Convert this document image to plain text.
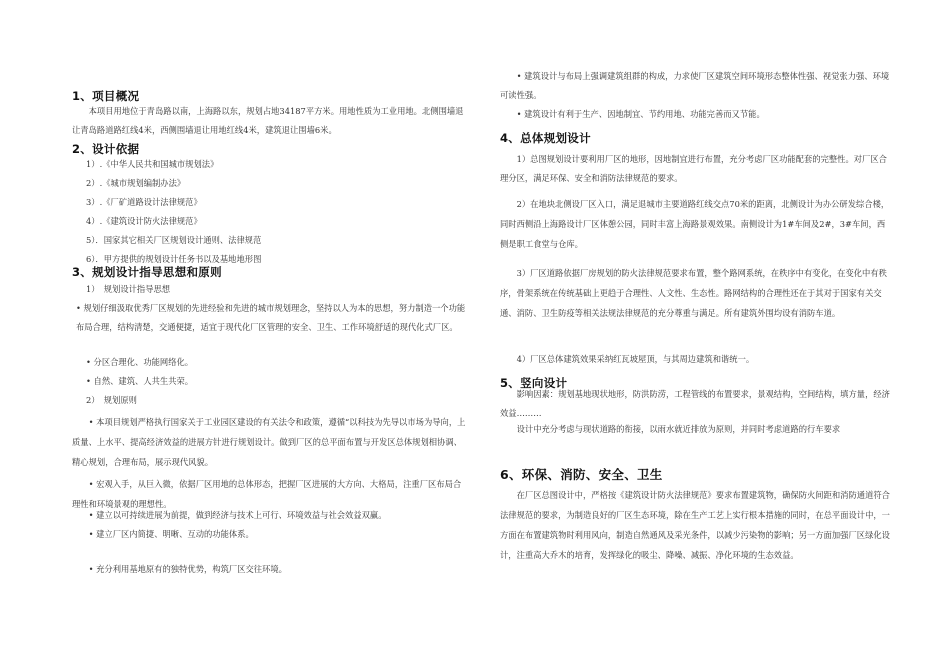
1、项目概况
本项目用地位于青岛路以南，上海路以东，规划占地34187平方米。用地性质为工业用地。北侧围墙退让青岛路道路红线4米，西侧围墙退让用地红线4米，建筑退让围墙6米。
2、设计依据
1）.《中华人民共和国城市规划法》
2）.《城市规划编制办法》
3）.《厂矿道路设计法律规范》
4）.《建筑设计防火法律规范》
5）．国家其它相关厂区规划设计通则、法律规范
6）．甲方提供的规划设计任务书以及基地地形图
3、规划设计指导思想和原则
1）　规划设计指导思想
• 规划仔细汲取优秀厂区规划的先进经验和先进的城市规划理念，坚持以人为本的思想，努力制造一个功能布局合理，结构清楚，交通便捷，适宜于现代化厂区管理的安全、卫生、工作环境舒适的现代化式厂区。
• 分区合理化、功能网络化。
• 自然、建筑、人共生共荣。
2）　规划原则
• 本项目规划严格执行国家关于工业园区建设的有关法令和政策，遵循“以科技为先导以市场为导向，上质量、上水平、提高经济效益的进展方针进行规划设计。做到厂区的总平面布置与开发区总体规划相协调、精心规划，合理布局，展示现代风貌。
• 宏观入手，从巨入微，依据厂区用地的总体形态，把握厂区进展的大方向、大格局，注重厂区布局合理性和环境景观的理想性。
• 建立以可持续进展为前提，做到经济与技术上可行、环境效益与社会效益双赢。
• 建立厂区内简捷、明晰、互动的功能体系。
• 充分利用基地原有的独特优势，构筑厂区交往环境。
• 建筑设计与布局上强调建筑组群的构成，力求使厂区建筑空间环境形态整体性强、视觉张力强、环境可读性强。
• 建筑设计有利于生产、因地制宜、节约用地、功能完善而又节能。
4、总体规划设计
1）总图规划设计要利用厂区的地形，因地制宜进行布置，充分考虑厂区功能配套的完整性。对厂区合理分区，满足环保、安全和消防法律规范的要求。
2）在地块北侧设厂区入口，满足退城市主要道路红线交点70米的距离，北侧设计为办公研发综合楼，同时西侧沿上海路设计厂区体憩公园，同时丰富上海路景观效果。南侧设计为1#车间及2#，3#车间，西侧是职工食堂与仓库。
3）厂区道路依据厂房规划的防火法律规范要求布置，整个路网系统，在秩序中有变化，在变化中有秩序，骨架系统在传统基础上更趋于合理性、人文性、生态性。路网结构的合理性还在于其对于国家有关交通、消防、卫生防疫等相关法规法律规范的充分尊重与满足。所有建筑外围均设有消防车道。
4）厂区总体建筑效果采纳红瓦坡屋顶，与其周边建筑和谐统一。
5、竖向设计
影响因素：规划基地现状地形，防洪防涝，工程管线的布置要求，景观结构，空间结构，填方量，经济效益………
设计中充分考虑与现状道路的衔接，以雨水就近排放为原则，并同时考虑道路的行车要求
6、环保、消防、安全、卫生
在厂区总图设计中，严格按《建筑设计防火法律规范》要求布置建筑物，确保防火间距和消防通道符合法律规范的要求，为制造良好的厂区生态环境，除在生产工艺上实行根本措施的同时，在总平面设计中，一方面在布置建筑物时利用风向，制造自然通风及采光条件，以减少污染物的影响；另一方面加强厂区绿化设计，注重高大乔木的培育，发挥绿化的吸尘、降噪、减振、净化环境的生态效益。
